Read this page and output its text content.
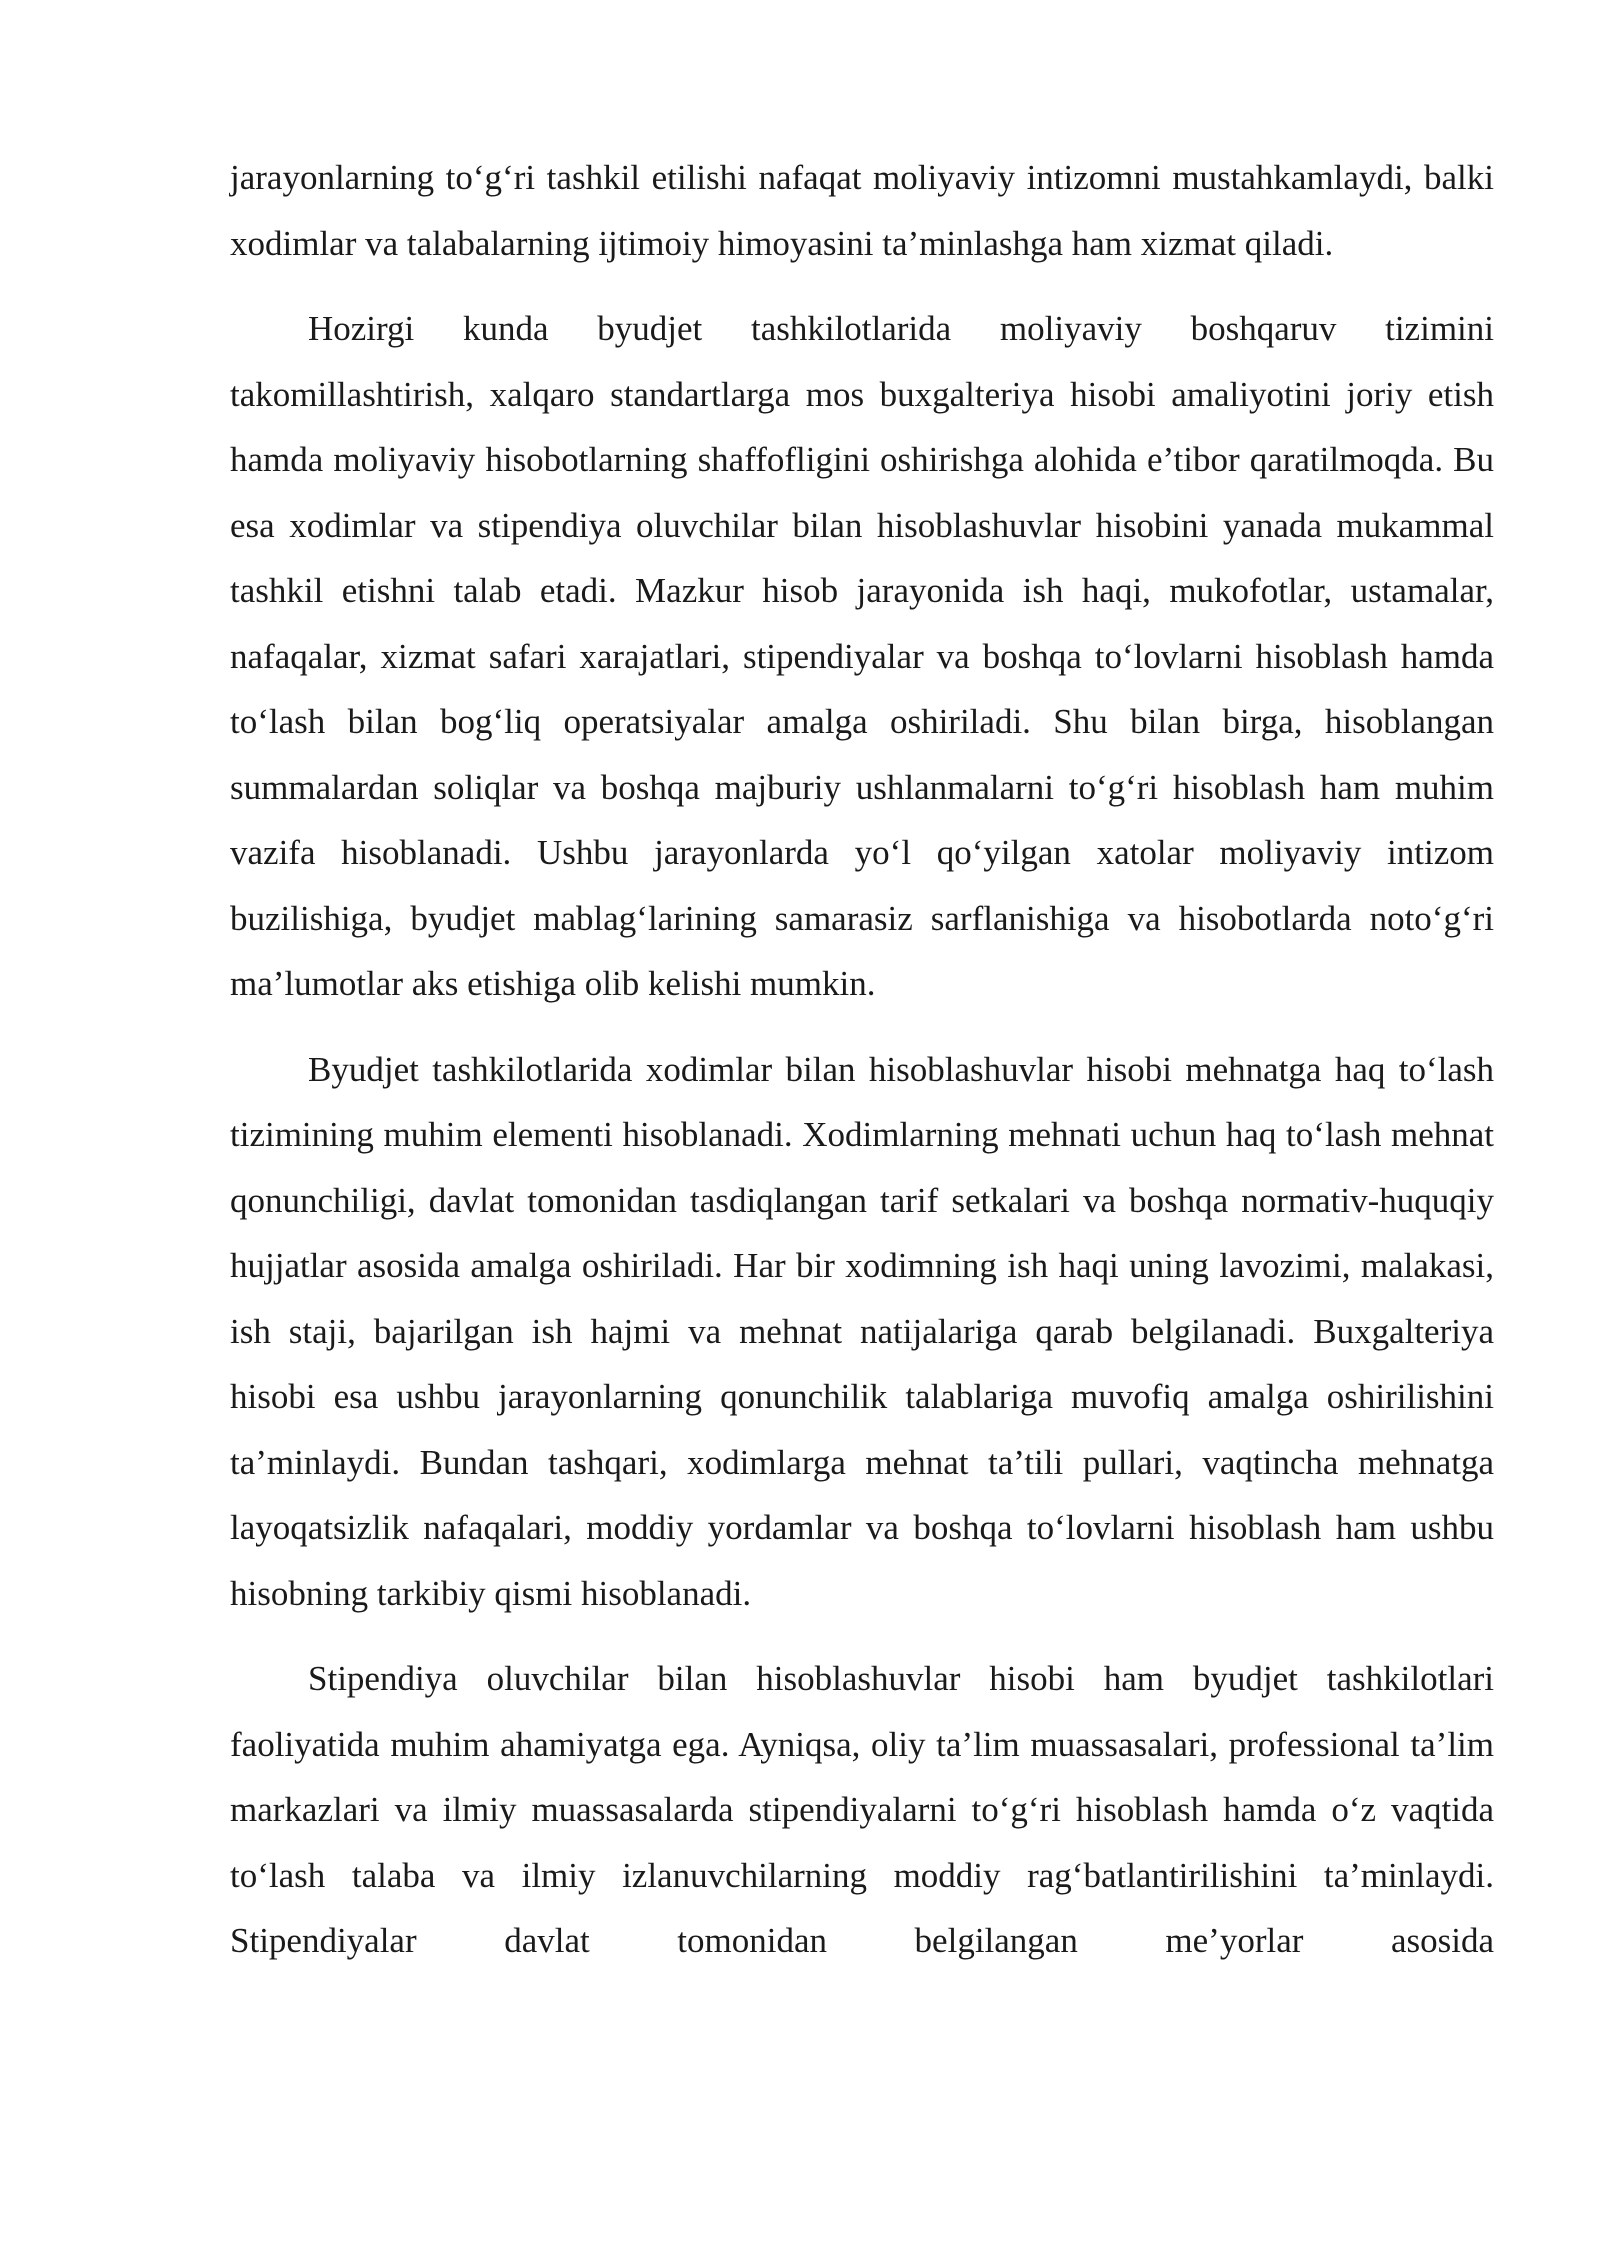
jarayonlarning to‘g‘ri tashkil etilishi nafaqat moliyaviy intizomni mustahkamlaydi, balki xodimlar va talabalarning ijtimoiy himoyasini ta’minlashga ham xizmat qiladi.

Hozirgi kunda byudjet tashkilotlarida moliyaviy boshqaruv tizimini takomillashtirish, xalqaro standartlarga mos buxgalteriya hisobi amaliyotini joriy etish hamda moliyaviy hisobotlarning shaffofligini oshirishga alohida e’tibor qaratilmoqda. Bu esa xodimlar va stipendiya oluvchilar bilan hisoblashuvlar hisobini yanada mukammal tashkil etishni talab etadi. Mazkur hisob jarayonida ish haqi, mukofotlar, ustamalar, nafaqalar, xizmat safari xarajatlari, stipendiyalar va boshqa to‘lovlarni hisoblash hamda to‘lash bilan bog‘liq operatsiyalar amalga oshiriladi. Shu bilan birga, hisoblangan summalardan soliqlar va boshqa majburiy ushlanmalarni to‘g‘ri hisoblash ham muhim vazifa hisoblanadi. Ushbu jarayonlarda yo‘l qo‘yilgan xatolar moliyaviy intizom buzilishiga, byudjet mablag‘larining samarasiz sarflanishiga va hisobotlarda noto‘g‘ri ma’lumotlar aks etishiga olib kelishi mumkin.

Byudjet tashkilotlarida xodimlar bilan hisoblashuvlar hisobi mehnatga haq to‘lash tizimining muhim elementi hisoblanadi. Xodimlarning mehnati uchun haq to‘lash mehnat qonunchiligi, davlat tomonidan tasdiqlangan tarif setkalari va boshqa normativ-huquqiy hujjatlar asosida amalga oshiriladi. Har bir xodimning ish haqi uning lavozimi, malakasi, ish staji, bajarilgan ish hajmi va mehnat natijalariga qarab belgilanadi. Buxgalteriya hisobi esa ushbu jarayonlarning qonunchilik talablariga muvofiq amalga oshirilishini ta’minlaydi. Bundan tashqari, xodimlarga mehnat ta’tili pullari, vaqtincha mehnatga layoqatsizlik nafaqalari, moddiy yordamlar va boshqa to‘lovlarni hisoblash ham ushbu hisobning tarkibiy qismi hisoblanadi.

Stipendiya oluvchilar bilan hisoblashuvlar hisobi ham byudjet tashkilotlari faoliyatida muhim ahamiyatga ega. Ayniqsa, oliy ta’lim muassasalari, professional ta’lim markazlari va ilmiy muassasalarda stipendiyalarni to‘g‘ri hisoblash hamda o‘z vaqtida to‘lash talaba va ilmiy izlanuvchilarning moddiy rag‘batlantirilishini ta’minlaydi. Stipendiyalar davlat tomonidan belgilangan me’yorlar asosida
